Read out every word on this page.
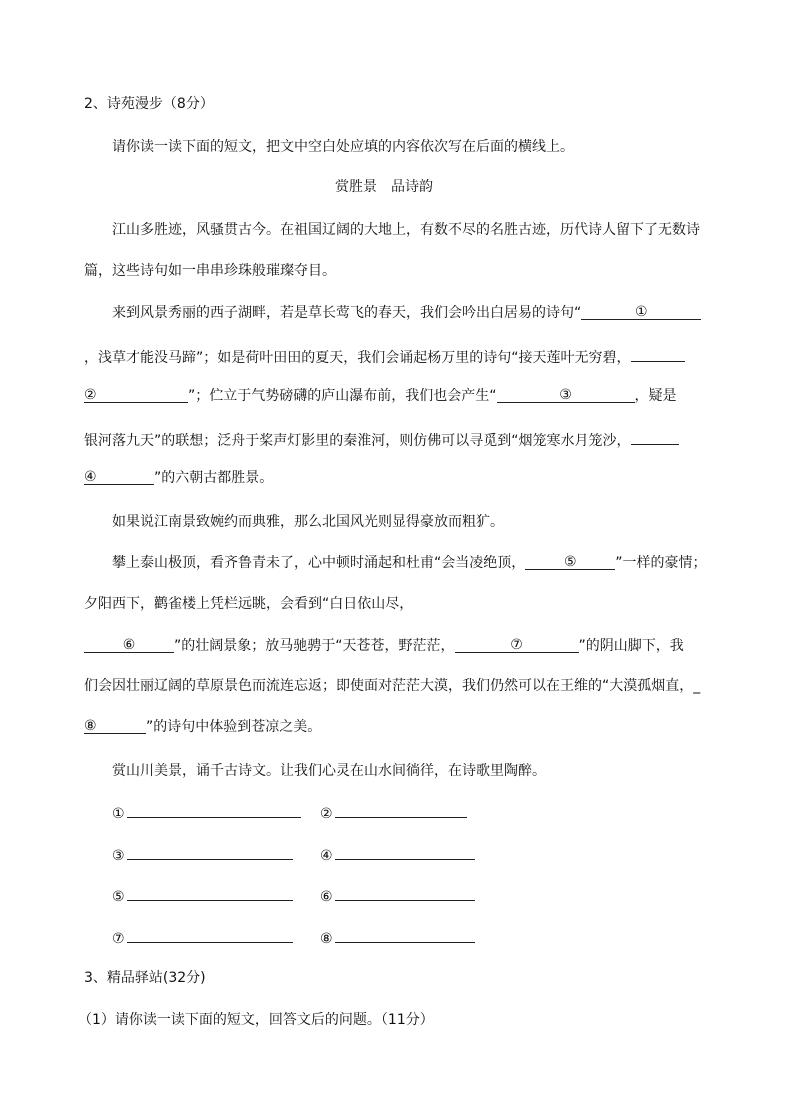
2、诗苑漫步（8分）
请你读一读下面的短文，把文中空白处应填的内容依次写在后面的横线上。
赏胜景　品诗韵
江山多胜迹，风骚贯古今。在祖国辽阔的大地上，有数不尽的名胜古迹，历代诗人留下了无数诗
篇，这些诗句如一串串珍珠般璀璨夺目。
来到风景秀丽的西子湖畔，若是草长莺飞的春天，我们会吟出白居易的诗句“	①
，浅草才能没马蹄”；如是荷叶田田的夏天，我们会诵起杨万里的诗句“接天莲叶无穷碧，
②	”；伫立于气势磅礴的庐山瀑布前，我们也会产生“	③	，疑是
银河落九天”的联想；泛舟于桨声灯影里的秦淮河，则仿佛可以寻觅到“烟笼寒水月笼沙，
④	”的六朝古都胜景。
如果说江南景致婉约而典雅，那么北国风光则显得豪放而粗犷。
攀上泰山极顶，看齐鲁青未了，心中顿时涌起和杜甫“会当凌绝顶，	⑤	”一样的豪情；
夕阳西下，鹳雀楼上凭栏远眺，会看到“白日依山尽，
⑥	”的壮阔景象；放马驰骋于“天苍苍，野茫茫，	⑦	”的阴山脚下，我
们会因壮丽辽阔的草原景色而流连忘返；即使面对茫茫大漠，我们仍然可以在王维的“大漠孤烟直，_
⑧	”的诗句中体验到苍凉之美。
赏山川美景，诵千古诗文。让我们心灵在山水间徜徉，在诗歌里陶醉。
①	②
③	④
⑤	⑥
⑦	⑧
3、精品驿站(32分)
（1）请你读一读下面的短文，回答文后的问题。（11分）
